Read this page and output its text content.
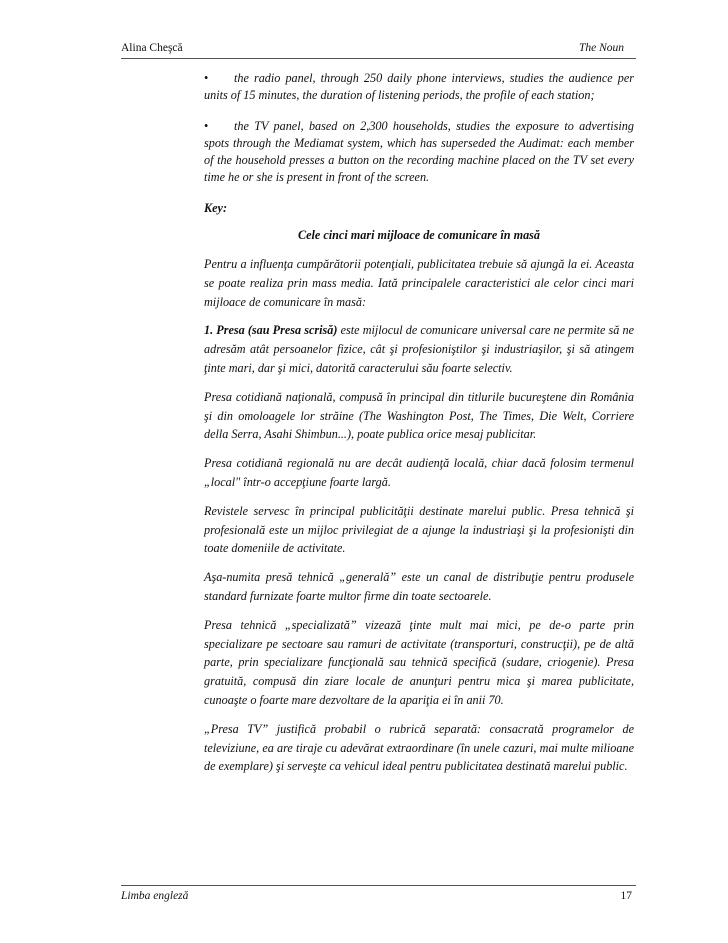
Alina Cheşcă	The Noun

• the radio panel, through 250 daily phone interviews, studies the audience per units of 15 minutes, the duration of listening periods, the profile of each station;

• the TV panel, based on 2,300 households, studies the exposure to advertising spots through the Mediamat system, which has superseded the Audimat: each member of the household presses a button on the recording machine placed on the TV set every time he or she is present in front of the screen.

Key:

Cele cinci mari mijloace de comunicare în masă

Pentru a influenţa cumpărătorii potenţiali, publicitatea trebuie să ajungă la ei. Aceasta se poate realiza prin mass media. Iată principalele caracteristici ale celor cinci mari mijloace de comunicare în masă:

1. Presa (sau Presa scrisă) este mijlocul de comunicare universal care ne permite să ne adresăm atât persoanelor fizice, cât şi profesioniştilor şi industriaşilor, şi să atingem ţinte mari, dar şi mici, datorită caracterului său foarte selectiv.

Presa cotidiană naţională, compusă în principal din titlurile bucureştene din România şi din omoloagele lor străine (The Washington Post, The Times, Die Welt, Corriere della Serra, Asahi Shimbun...), poate publica orice mesaj publicitar.

Presa cotidiană regională nu are decât audienţă locală, chiar dacă folosim termenul „local" într-o accepţiune foarte largă.

Revistele servesc în principal publicităţii destinate marelui public. Presa tehnică şi profesională este un mijloc privilegiat de a ajunge la industriaşi şi la profesionişti din toate domeniile de activitate.

Aşa-numita presă tehnică „generală” este un canal de distribuţie pentru produsele standard furnizate foarte multor firme din toate sectoarele.

Presa tehnică „specializată” vizează ţinte mult mai mici, pe de-o parte prin specializare pe sectoare sau ramuri de activitate (transporturi, construcţii), pe de altă parte, prin specializare funcţională sau tehnică specifică (sudare, criogenie). Presa gratuită, compusă din ziare locale de anunţuri pentru mica şi marea publicitate, cunoaşte o foarte mare dezvoltare de la apariţia ei în anii 70.

„Presa TV” justifică probabil o rubrică separată: consacrată programelor de televiziune, ea are tiraje cu adevărat extraordinare (în unele cazuri, mai multe milioane de exemplare) şi serveşte ca vehicul ideal pentru publicitatea destinată marelui public.

Limba engleză	17
